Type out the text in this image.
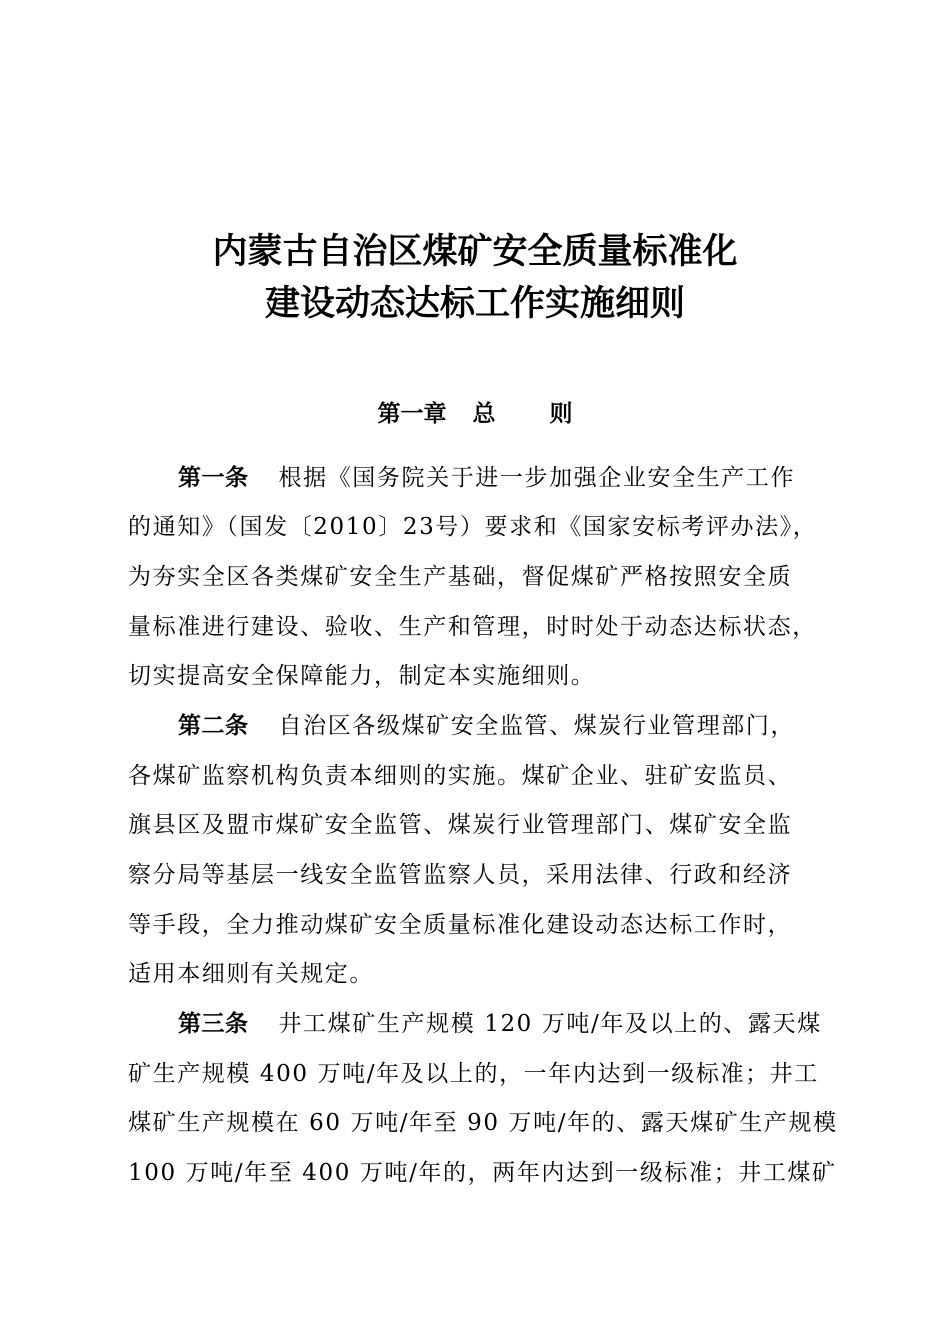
内蒙古自治区煤矿安全质量标准化
建设动态达标工作实施细则
第一章 总 则
第一条 根据《国务院关于进一步加强企业安全生产工作
的通知》（国发〔2010〕23号）要求和《国家安标考评办法》，
为夯实全区各类煤矿安全生产基础，督促煤矿严格按照安全质
量标准进行建设、验收、生产和管理，时时处于动态达标状态，
切实提高安全保障能力，制定本实施细则。
第二条 自治区各级煤矿安全监管、煤炭行业管理部门，
各煤矿监察机构负责本细则的实施。煤矿企业、驻矿安监员、
旗县区及盟市煤矿安全监管、煤炭行业管理部门、煤矿安全监
察分局等基层一线安全监管监察人员，采用法律、行政和经济
等手段，全力推动煤矿安全质量标准化建设动态达标工作时，
适用本细则有关规定。
第三条 井工煤矿生产规模 120 万吨/年及以上的、露天煤
矿生产规模 400 万吨/年及以上的，一年内达到一级标准；井工
煤矿生产规模在 60 万吨/年至 90 万吨/年的、露天煤矿生产规模
100 万吨/年至 400 万吨/年的，两年内达到一级标准；井工煤矿
